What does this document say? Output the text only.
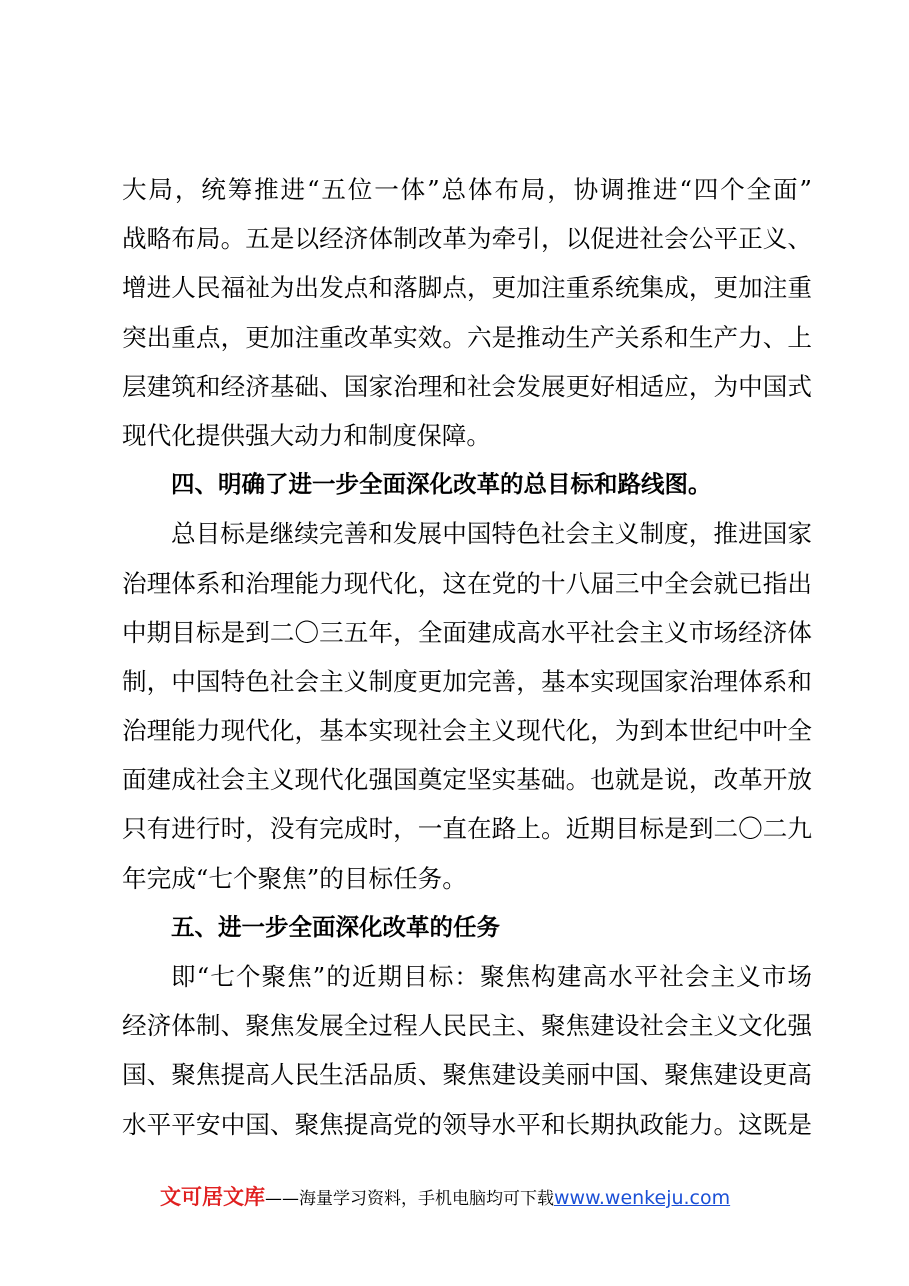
大局，统筹推进“五位一体”总体布局，协调推进“四个全面”
战略布局。五是以经济体制改革为牵引，以促进社会公平正义、
增进人民福祉为出发点和落脚点，更加注重系统集成，更加注重
突出重点，更加注重改革实效。六是推动生产关系和生产力、上
层建筑和经济基础、国家治理和社会发展更好相适应，为中国式
现代化提供强大动力和制度保障。
四、明确了进一步全面深化改革的总目标和路线图。
总目标是继续完善和发展中国特色社会主义制度，推进国家
治理体系和治理能力现代化，这在党的十八届三中全会就已指出
中期目标是到二〇三五年，全面建成高水平社会主义市场经济体
制，中国特色社会主义制度更加完善，基本实现国家治理体系和
治理能力现代化，基本实现社会主义现代化，为到本世纪中叶全
面建成社会主义现代化强国奠定坚实基础。也就是说，改革开放
只有进行时，没有完成时，一直在路上。近期目标是到二〇二九
年完成“七个聚焦”的目标任务。
五、进一步全面深化改革的任务
即“七个聚焦”的近期目标：聚焦构建高水平社会主义市场
经济体制、聚焦发展全过程人民民主、聚焦建设社会主义文化强
国、聚焦提高人民生活品质、聚焦建设美丽中国、聚焦建设更高
水平平安中国、聚焦提高党的领导水平和长期执政能力。这既是
文可居文库——海量学习资料，手机电脑均可下载www.wenkeju.com
